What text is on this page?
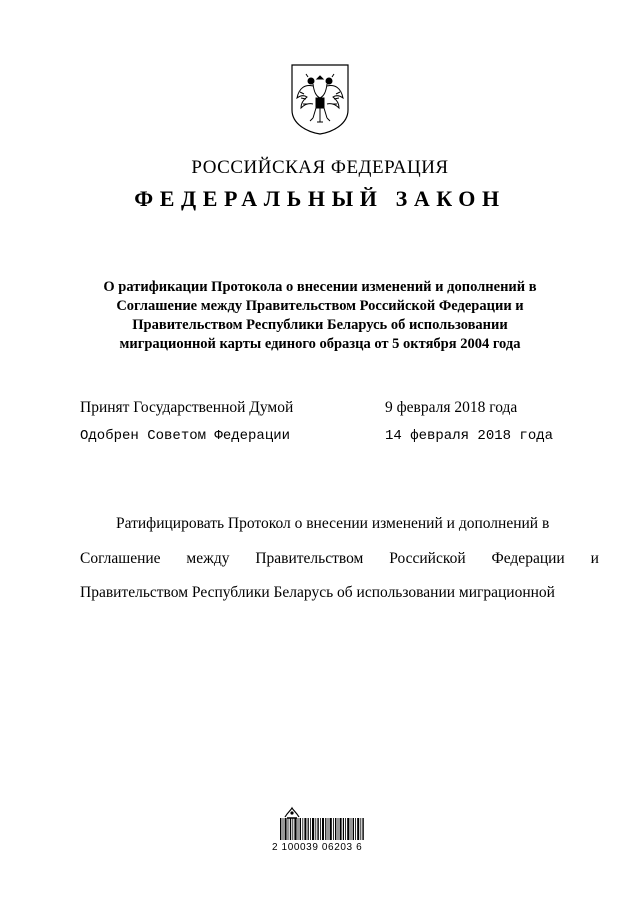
РОССИЙСКАЯ ФЕДЕРАЦИЯ
ФЕДЕРАЛЬНЫЙ ЗАКОН
О ратификации Протокола о внесении изменений и дополнений в
Соглашение между Правительством Российской Федерации и
Правительством Республики Беларусь об использовании
миграционной карты единого образца от 5 октября 2004 года
Принят Государственной Думой	9 февраля 2018 года
Одобрен Советом Федерации	14 февраля 2018 года
Ратифицировать Протокол о внесении изменений и дополнений в
Соглашение между Правительством Российской Федерации и
Правительством Республики Беларусь об использовании миграционной
2 100039 06203 6
